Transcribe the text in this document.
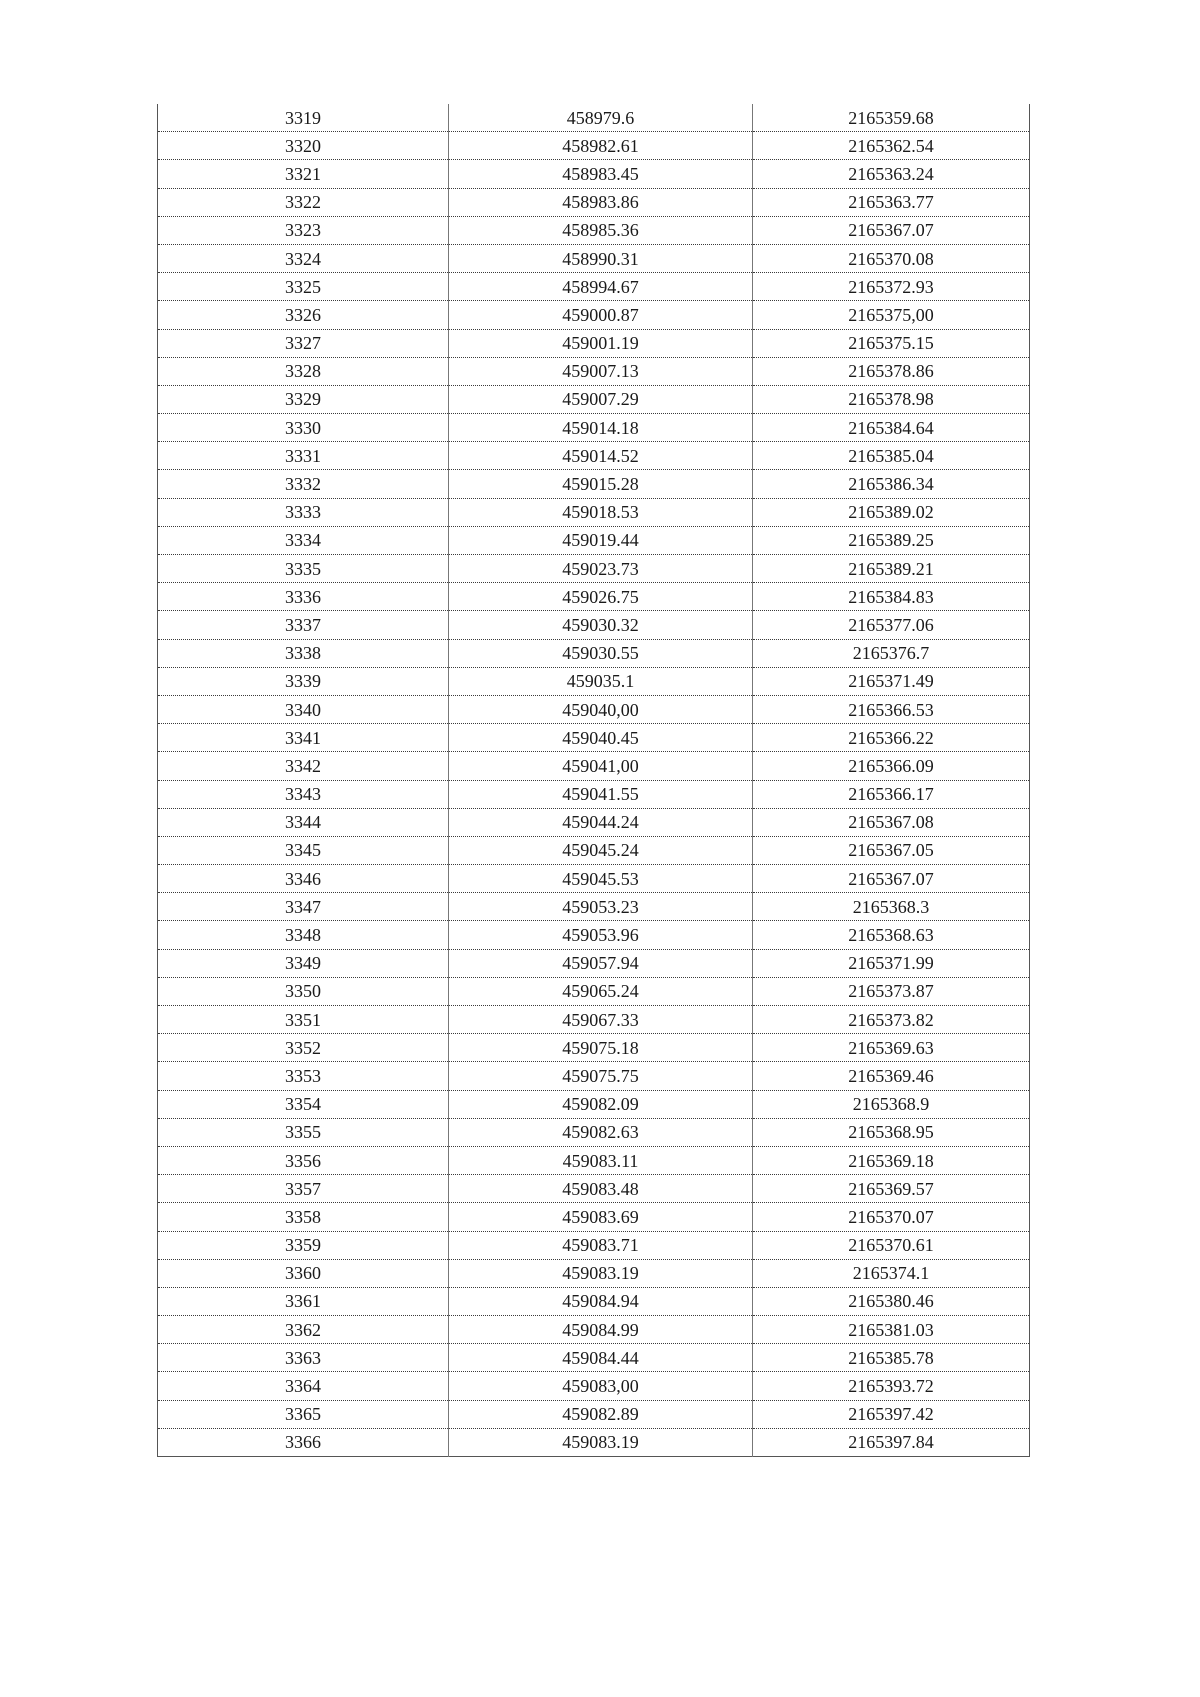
3319	458979.6	2165359.68
3320	458982.61	2165362.54
3321	458983.45	2165363.24
3322	458983.86	2165363.77
3323	458985.36	2165367.07
3324	458990.31	2165370.08
3325	458994.67	2165372.93
3326	459000.87	2165375,00
3327	459001.19	2165375.15
3328	459007.13	2165378.86
3329	459007.29	2165378.98
3330	459014.18	2165384.64
3331	459014.52	2165385.04
3332	459015.28	2165386.34
3333	459018.53	2165389.02
3334	459019.44	2165389.25
3335	459023.73	2165389.21
3336	459026.75	2165384.83
3337	459030.32	2165377.06
3338	459030.55	2165376.7
3339	459035.1	2165371.49
3340	459040,00	2165366.53
3341	459040.45	2165366.22
3342	459041,00	2165366.09
3343	459041.55	2165366.17
3344	459044.24	2165367.08
3345	459045.24	2165367.05
3346	459045.53	2165367.07
3347	459053.23	2165368.3
3348	459053.96	2165368.63
3349	459057.94	2165371.99
3350	459065.24	2165373.87
3351	459067.33	2165373.82
3352	459075.18	2165369.63
3353	459075.75	2165369.46
3354	459082.09	2165368.9
3355	459082.63	2165368.95
3356	459083.11	2165369.18
3357	459083.48	2165369.57
3358	459083.69	2165370.07
3359	459083.71	2165370.61
3360	459083.19	2165374.1
3361	459084.94	2165380.46
3362	459084.99	2165381.03
3363	459084.44	2165385.78
3364	459083,00	2165393.72
3365	459082.89	2165397.42
3366	459083.19	2165397.84
